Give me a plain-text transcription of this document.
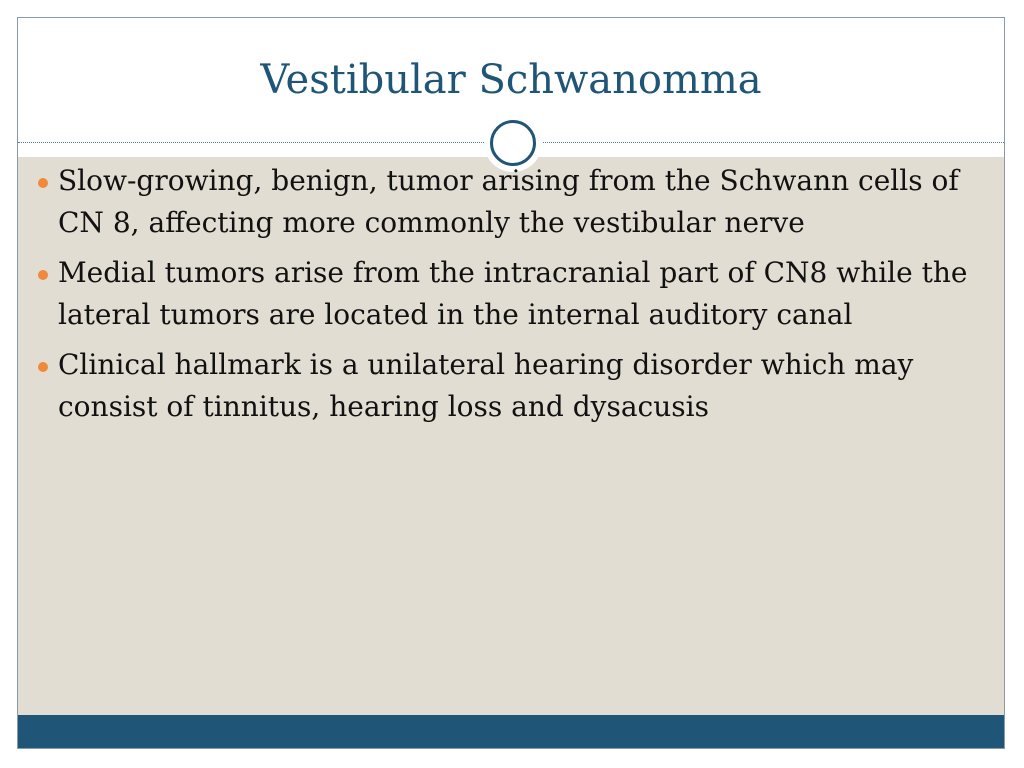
Vestibular Schwanomma
Slow-growing, benign, tumor arising from the Schwann cells of CN 8, affecting more commonly the vestibular nerve
Medial tumors arise from the intracranial part of CN8 while the lateral tumors are located in the internal auditory canal
Clinical hallmark is a unilateral hearing disorder which may consist of tinnitus, hearing loss and dysacusis
